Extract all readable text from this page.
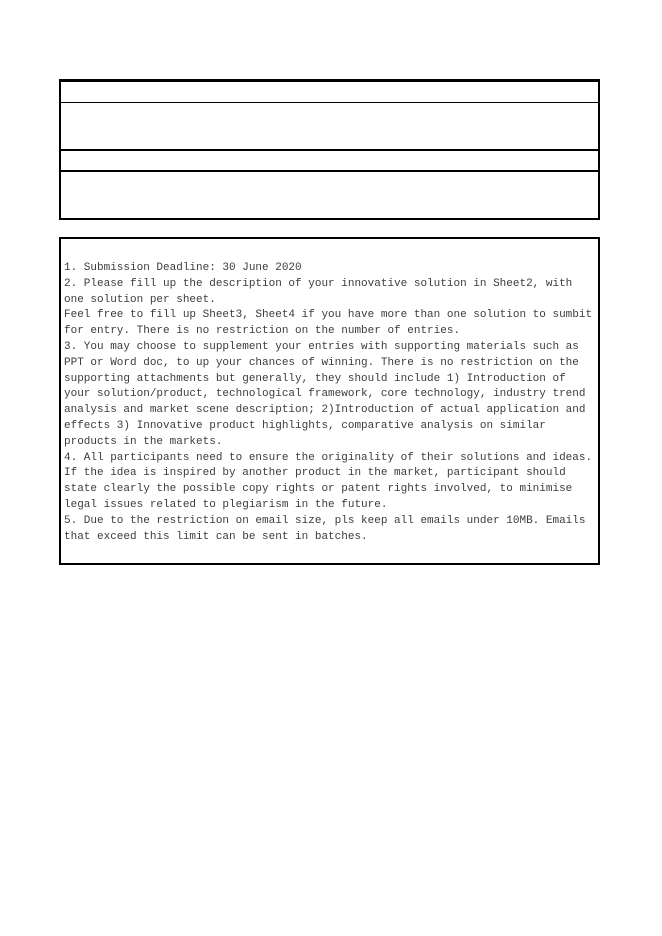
1. Submission Deadline: 30 June 2020
2. Please fill up the description of your innovative solution in Sheet2, with
one solution per sheet.
Feel free to fill up Sheet3, Sheet4 if you have more than one solution to sumbit
for entry. There is no restriction on the number of entries.
3. You may choose to supplement your entries with supporting materials such as
PPT or Word doc, to up your chances of winning. There is no restriction on the
supporting attachments but generally, they should include 1) Introduction of
your solution/product, technological framework, core technology, industry trend
analysis and market scene description; 2)Introduction of actual application and
effects 3) Innovative product highlights, comparative analysis on similar
products in the markets.
4. All participants need to ensure the originality of their solutions and ideas.
If the idea is inspired by another product in the market, participant should
state clearly the possible copy rights or patent rights involved, to minimise
legal issues related to plegiarism in the future.
5. Due to the restriction on email size, pls keep all emails under 10MB. Emails
that exceed this limit can be sent in batches.
